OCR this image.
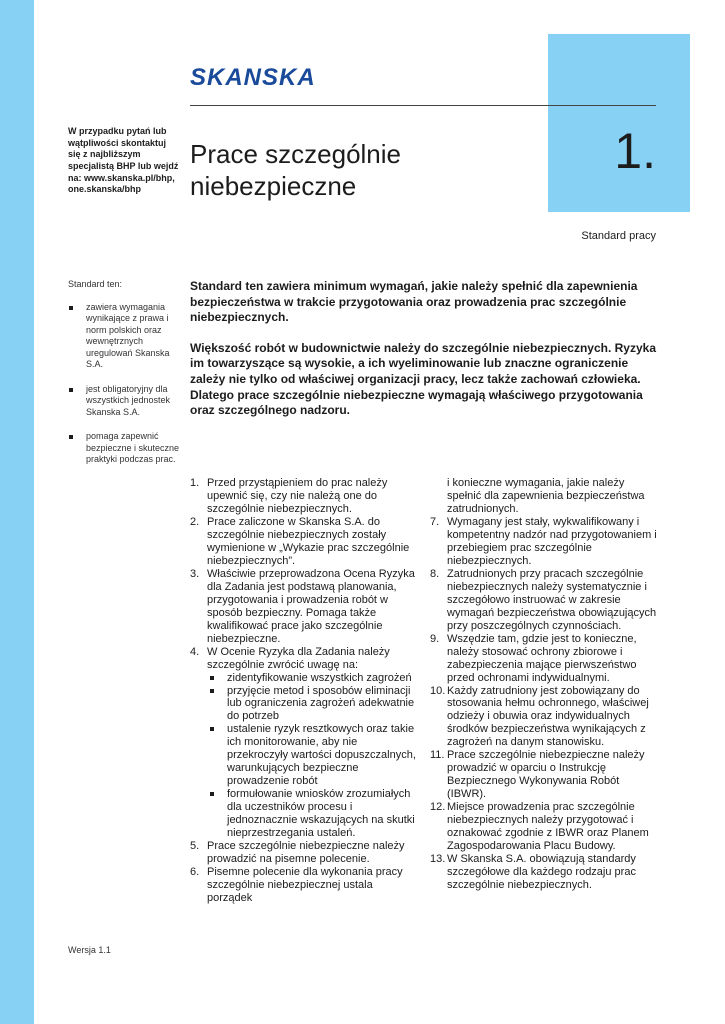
1.
Standard pracy
SKANSKA
W przypadku pytań lub wątpliwości skontaktuj się z najbliższym specjalistą BHP lub wejdź na: www.skanska.pl/bhp, one.skanska/bhp
Prace szczególnie niebezpieczne

Standard ten:

zawiera wymagania wynikające z prawa i norm polskich oraz wewnętrznych uregulowań Skanska S.A.
jest obligatoryjny dla wszystkich jednostek Skanska S.A.
pomaga zapewnić bezpieczne i skuteczne praktyki podczas prac.

Standard ten zawiera minimum wymagań, jakie należy spełnić dla zapewnienia bezpieczeństwa w trakcie przygotowania oraz prowadzenia prac szczególnie niebezpiecznych.

Większość robót w budownictwie należy do szczególnie niebezpiecznych. Ryzyka im towarzyszące są wysokie, a ich wyeliminowanie lub znaczne ograniczenie zależy nie tylko od właściwej organizacji pracy, lecz także zachowań człowieka. Dlatego prace szczególnie niebezpieczne wymagają właściwego przygotowania oraz szczególnego nadzoru.

1. Przed przystąpieniem do prac należy upewnić się, czy nie należą one do szczególnie niebezpiecznych.
2. Prace zaliczone w Skanska S.A. do szczególnie niebezpiecznych zostały wymienione w „Wykazie prac szczególnie niebezpiecznych”.
3. Właściwie przeprowadzona Ocena Ryzyka dla Zadania jest podstawą planowania, przygotowania i prowadzenia robót w sposób bezpieczny. Pomaga także kwalifikować prace jako szczególnie niebezpieczne.
4. W Ocenie Ryzyka dla Zadania należy szczególnie zwrócić uwagę na:
zidentyfikowanie wszystkich zagrożeń
przyjęcie metod i sposobów eliminacji lub ograniczenia zagrożeń adekwatnie do potrzeb
ustalenie ryzyk resztkowych oraz takie ich monitorowanie, aby nie przekroczyły wartości dopuszczalnych, warunkujących bezpieczne prowadzenie robót
formułowanie wniosków zrozumiałych dla uczestników procesu i jednoznacznie wskazujących na skutki nieprzestrzegania ustaleń.
5. Prace szczególnie niebezpieczne należy prowadzić na pisemne polecenie.
6. Pisemne polecenie dla wykonania pracy szczególnie niebezpiecznej ustala porządek
i konieczne wymagania, jakie należy spełnić dla zapewnienia bezpieczeństwa zatrudnionych.
7. Wymagany jest stały, wykwalifikowany i kompetentny nadzór nad przygotowaniem i przebiegiem prac szczególnie niebezpiecznych.
8. Zatrudnionych przy pracach szczególnie niebezpiecznych należy systematycznie i szczegółowo instruować w zakresie wymagań bezpieczeństwa obowiązujących przy poszczególnych czynnościach.
9. Wszędzie tam, gdzie jest to konieczne, należy stosować ochrony zbiorowe i zabezpieczenia mające pierwszeństwo przed ochronami indywidualnymi.
10. Każdy zatrudniony jest zobowiązany do stosowania hełmu ochronnego, właściwej odzieży i obuwia oraz indywidualnych środków bezpieczeństwa wynikających z zagrożeń na danym stanowisku.
11. Prace szczególnie niebezpieczne należy prowadzić w oparciu o Instrukcję Bezpiecznego Wykonywania Robót (IBWR).
12. Miejsce prowadzenia prac szczególnie niebezpiecznych należy przygotować i oznakować zgodnie z IBWR oraz Planem Zagospodarowania Placu Budowy.
13. W Skanska S.A. obowiązują standardy szczegółowe dla każdego rodzaju prac szczególnie niebezpiecznych.
Wersja 1.1
